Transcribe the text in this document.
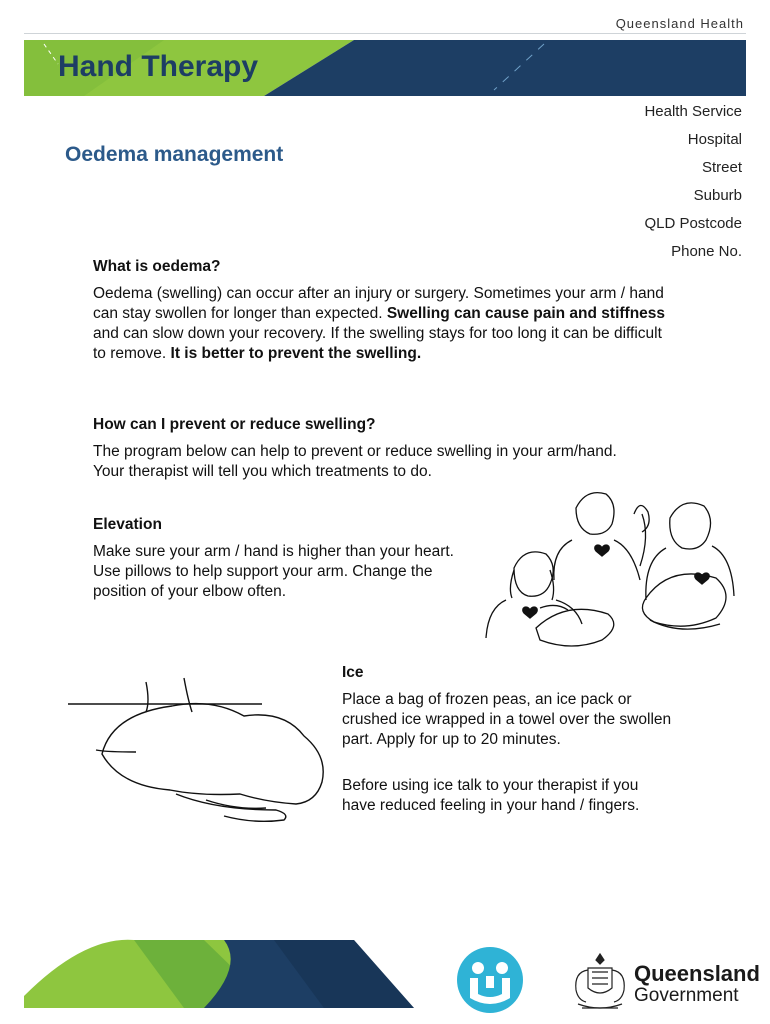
Queensland Health
Hand Therapy
Health Service
Hospital
Street
Suburb
QLD Postcode
Phone No.
Oedema management
What is oedema?
Oedema (swelling) can occur after an injury or surgery. Sometimes your arm / hand can stay swollen for longer than expected. Swelling can cause pain and stiffness and can slow down your recovery. If the swelling stays for too long it can be difficult to remove. It is better to prevent the swelling.
How can I prevent or reduce swelling?
The program below can help to prevent or reduce swelling in your arm/hand. Your therapist will tell you which treatments to do.
Elevation
Make sure your arm / hand is higher than your heart. Use pillows to help support your arm. Change the position of your elbow often.
Ice
Place a bag of frozen peas, an ice pack or crushed ice wrapped in a towel over the swollen part. Apply for up to 20 minutes.
Before using ice talk to your therapist if you have reduced feeling in your hand / fingers.
Queensland
Government
